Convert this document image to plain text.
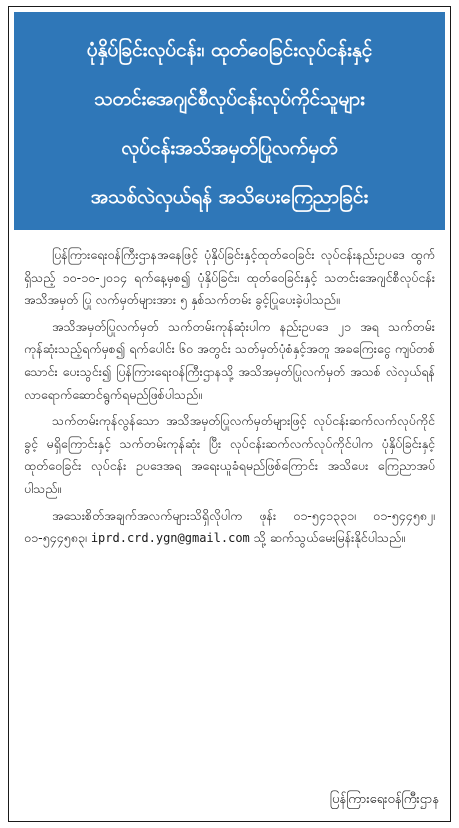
ပုံနှိပ်ခြင်းလုပ်ငန်း၊ ထုတ်ဝေခြင်းလုပ်ငန်းနှင့်
သတင်းအေဂျင်စီလုပ်ငန်းလုပ်ကိုင်သူများ
လုပ်ငန်းအသိအမှတ်ပြုလက်မှတ်
အသစ်လဲလှယ်ရန် အသိပေးကြေညာခြင်း

ပြန်ကြားရေးဝန်ကြီးဌာနအနေဖြင့် ပုံနှိပ်ခြင်းနှင့်ထုတ်ဝေခြင်း လုပ်ငန်းနည်းဥပဒေ ထွက်ရှိသည့် ၁၀-၁၀-၂၀၁၄ ရက်နေ့မှစ၍ ပုံနှိပ်ခြင်း၊ ထုတ်ဝေခြင်းနှင့် သတင်းအေဂျင်စီလုပ်ငန်း အသိအမှတ် ပြု လက်မှတ်များအား ၅ နှစ်သက်တမ်း ခွင့်ပြုပေးခဲ့ပါသည်။

အသိအမှတ်ပြုလက်မှတ် သက်တမ်းကုန်ဆုံးပါက နည်းဥပဒေ ၂၁ အရ သက်တမ်းကုန်ဆုံးသည့်ရက်မှစ၍ ရက်ပေါင်း ၆၀ အတွင်း သတ်မှတ်ပုံစံနှင့်အတူ အခကြေးငွေ ကျပ်တစ်သောင်း ပေးသွင်း၍ ပြန်ကြားရေးဝန်ကြီးဌာနသို့ အသိအမှတ်ပြုလက်မှတ် အသစ် လဲလှယ်ရန် လာရောက်ဆောင်ရွက်ရမည်ဖြစ်ပါသည်။

သက်တမ်းကုန်လွန်သော အသိအမှတ်ပြုလက်မှတ်များဖြင့် လုပ်ငန်းဆက်လက်လုပ်ကိုင်ခွင့် မရှိကြောင်းနှင့် သက်တမ်းကုန်ဆုံး ပြီး လုပ်ငန်းဆက်လက်လုပ်ကိုင်ပါက ပုံနှိပ်ခြင်းနှင့်ထုတ်ဝေခြင်း လုပ်ငန်း ဥပဒေအရ အရေးယူခံရမည်ဖြစ်ကြောင်း အသိပေး ကြေညာအပ်ပါသည်။

အသေးစိတ်အချက်အလက်များသိရှိလိုပါက ဖုန်း ၀၁-၅၄၁၃၃၁၊ ၀၁-၅၄၄၅၈၂၊ ၀၁-၅၄၄၅၈၃၊ iprd.crd.ygn@gmail.com သို့ ဆက်သွယ်မေးမြန်းနိုင်ပါသည်။

ပြန်ကြားရေးဝန်ကြီးဌာန
